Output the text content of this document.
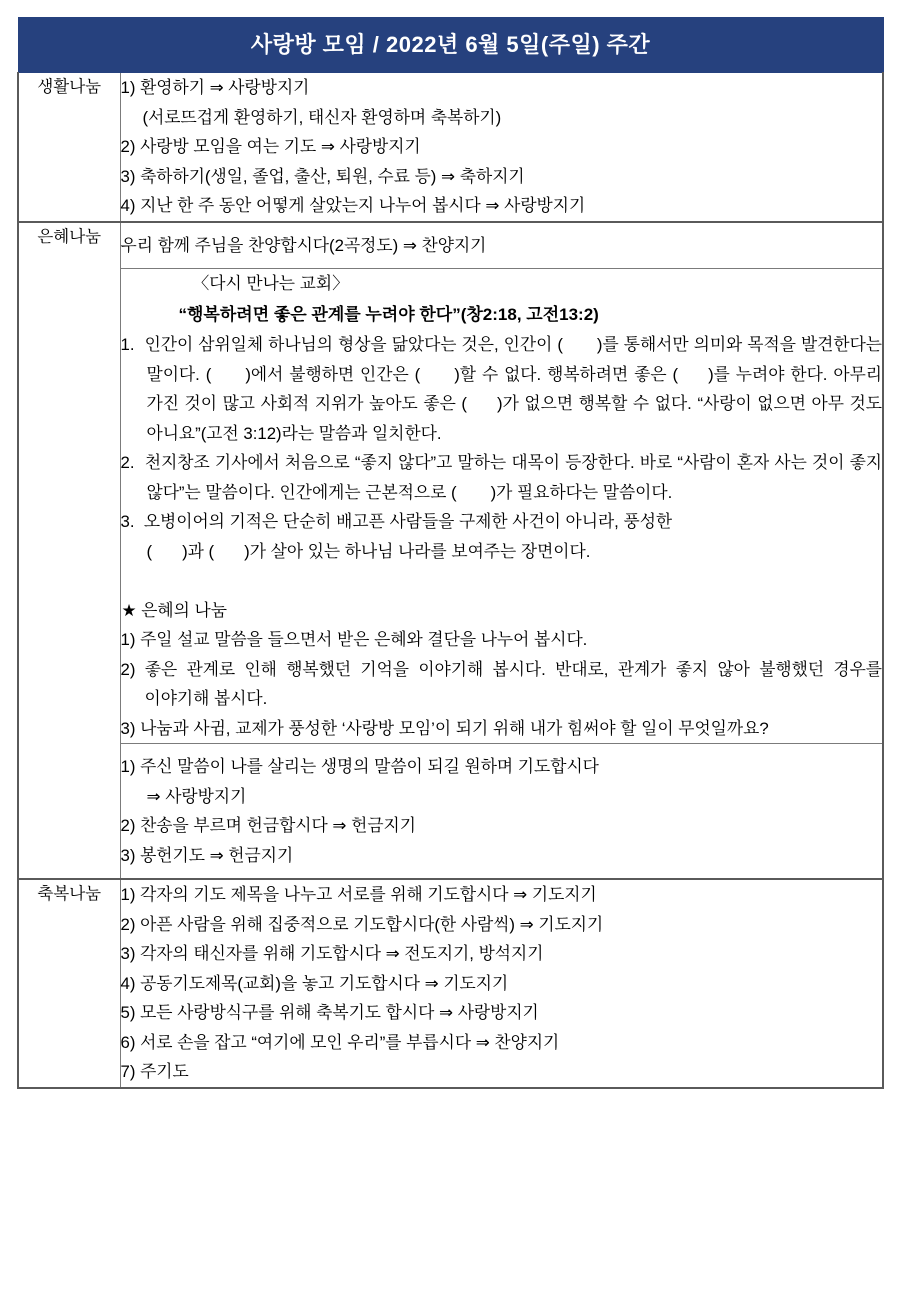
사랑방 모임 / 2022년 6월 5일(주일) 주간	

생활나눔	1) 환영하기 ⇒ 사랑방지기
(서로뜨겁게 환영하기, 태신자 환영하며 축복하기)
2) 사랑방 모임을 여는 기도 ⇒ 사랑방지기
3) 축하하기(생일, 졸업, 출산, 퇴원, 수료 등) ⇒ 축하지기
4) 지난 한 주 동안 어떻게 살았는지 나누어 봅시다 ⇒ 사랑방지기

은혜나눔	우리 함께 주님을 찬양합시다(2곡정도) ⇒ 찬양지기

〈다시 만나는 교회〉
“행복하려면 좋은 관계를 누려야 한다”(창2:18, 고전13:2)
1. 인간이 삼위일체 하나님의 형상을 닮았다는 것은, 인간이 ( )를 통해서만 의미와 목적을 발견한다는 말이다. ( )에서 불행하면 인간은 ( )할 수 없다. 행복하려면 좋은 ( )를 누려야 한다. 아무리 가진 것이 많고 사회적 지위가 높아도 좋은 ( )가 없으면 행복할 수 없다. “사랑이 없으면 아무 것도 아니요”(고전 3:12)라는 말씀과 일치한다.
2. 천지창조 기사에서 처음으로 “좋지 않다”고 말하는 대목이 등장한다. 바로 “사람이 혼자 사는 것이 좋지 않다”는 말씀이다. 인간에게는 근본적으로 ( )가 필요하다는 말씀이다.
3. 오병이어의 기적은 단순히 배고픈 사람들을 구제한 사건이 아니라, 풍성한
( )과 ( )가 살아 있는 하나님 나라를 보여주는 장면이다.
★ 은혜의 나눔
1) 주일 설교 말씀을 들으면서 받은 은혜와 결단을 나누어 봅시다.
2) 좋은 관계로 인해 행복했던 기억을 이야기해 봅시다. 반대로, 관계가 좋지 않아 불행했던 경우를 이야기해 봅시다.
3) 나눔과 사귐, 교제가 풍성한 ‘사랑방 모임’이 되기 위해 내가 힘써야 할 일이 무엇일까요?

	1) 주신 말씀이 나를 살리는 생명의 말씀이 되길 원하며 기도합시다
⇒ 사랑방지기
2) 찬송을 부르며 헌금합시다 ⇒ 헌금지기
3) 봉헌기도 ⇒ 헌금지기

축복나눔	1) 각자의 기도 제목을 나누고 서로를 위해 기도합시다 ⇒ 기도지기
2) 아픈 사람을 위해 집중적으로 기도합시다(한 사람씩) ⇒ 기도지기
3) 각자의 태신자를 위해 기도합시다 ⇒ 전도지기, 방석지기
4) 공동기도제목(교회)을 놓고 기도합시다 ⇒ 기도지기
5) 모든 사랑방식구를 위해 축복기도 합시다 ⇒ 사랑방지기
6) 서로 손을 잡고 “여기에 모인 우리”를 부릅시다 ⇒ 찬양지기
7) 주기도
